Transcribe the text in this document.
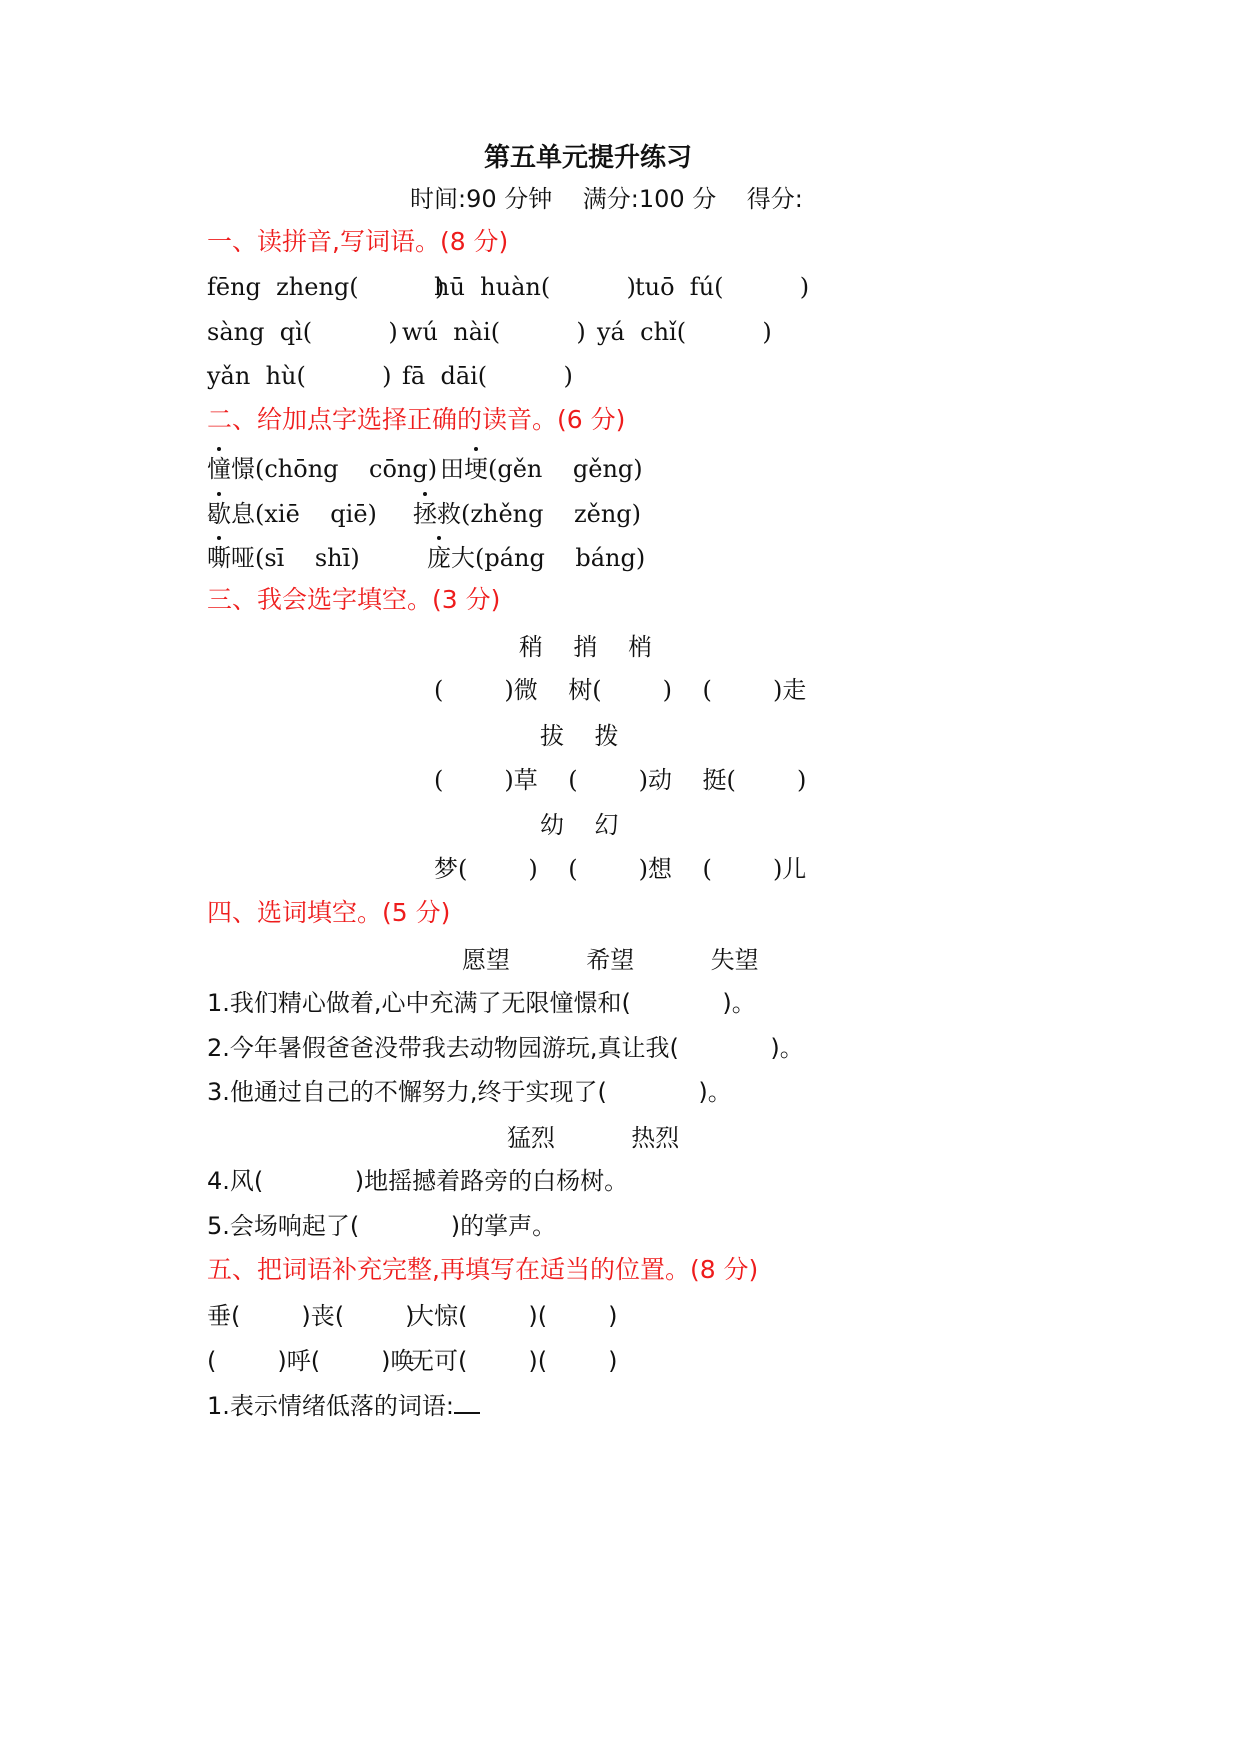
第五单元提升练习
时间:90 分钟    满分:100 分    得分:
一、读拼音,写词语。(8 分)
fēng  zheng(          )
hū  huàn(          ) tuō  fú(          )
sàng  qì(          ) wú  nài(          ) yá  chǐ(          )
yǎn  hù(          ) fā  dāi(          )
二、给加点字选择正确的读音。(6 分)
憧憬(chōng    cōng) 田埂(gěn    gěng)
歇息(xiē    qiē) 拯救(zhěng    zěng)
嘶哑(sī    shī)	庞大(páng    báng)
三、我会选字填空。(3 分)
稍    捎    梢
(        )微    树(        )    (        )走
拔    拨
(        )草    (        )动    挺(        )
幼    幻
梦(        )    (        )想    (        )儿
四、选词填空。(5 分)
愿望          希望          失望
1.我们精心做着,心中充满了无限憧憬和(            )。
2.今年暑假爸爸没带我去动物园游玩,真让我(            )。
3.他通过自己的不懈努力,终于实现了(            )。
猛烈          热烈
4.风(            )地摇撼着路旁的白杨树。
5.会场响起了(            )的掌声。
五、把词语补充完整,再填写在适当的位置。(8 分)
垂(        )丧(        )
大惊(        )(        )
(        )呼(        )唤
无可(        )(        )
1.表示情绪低落的词语:
